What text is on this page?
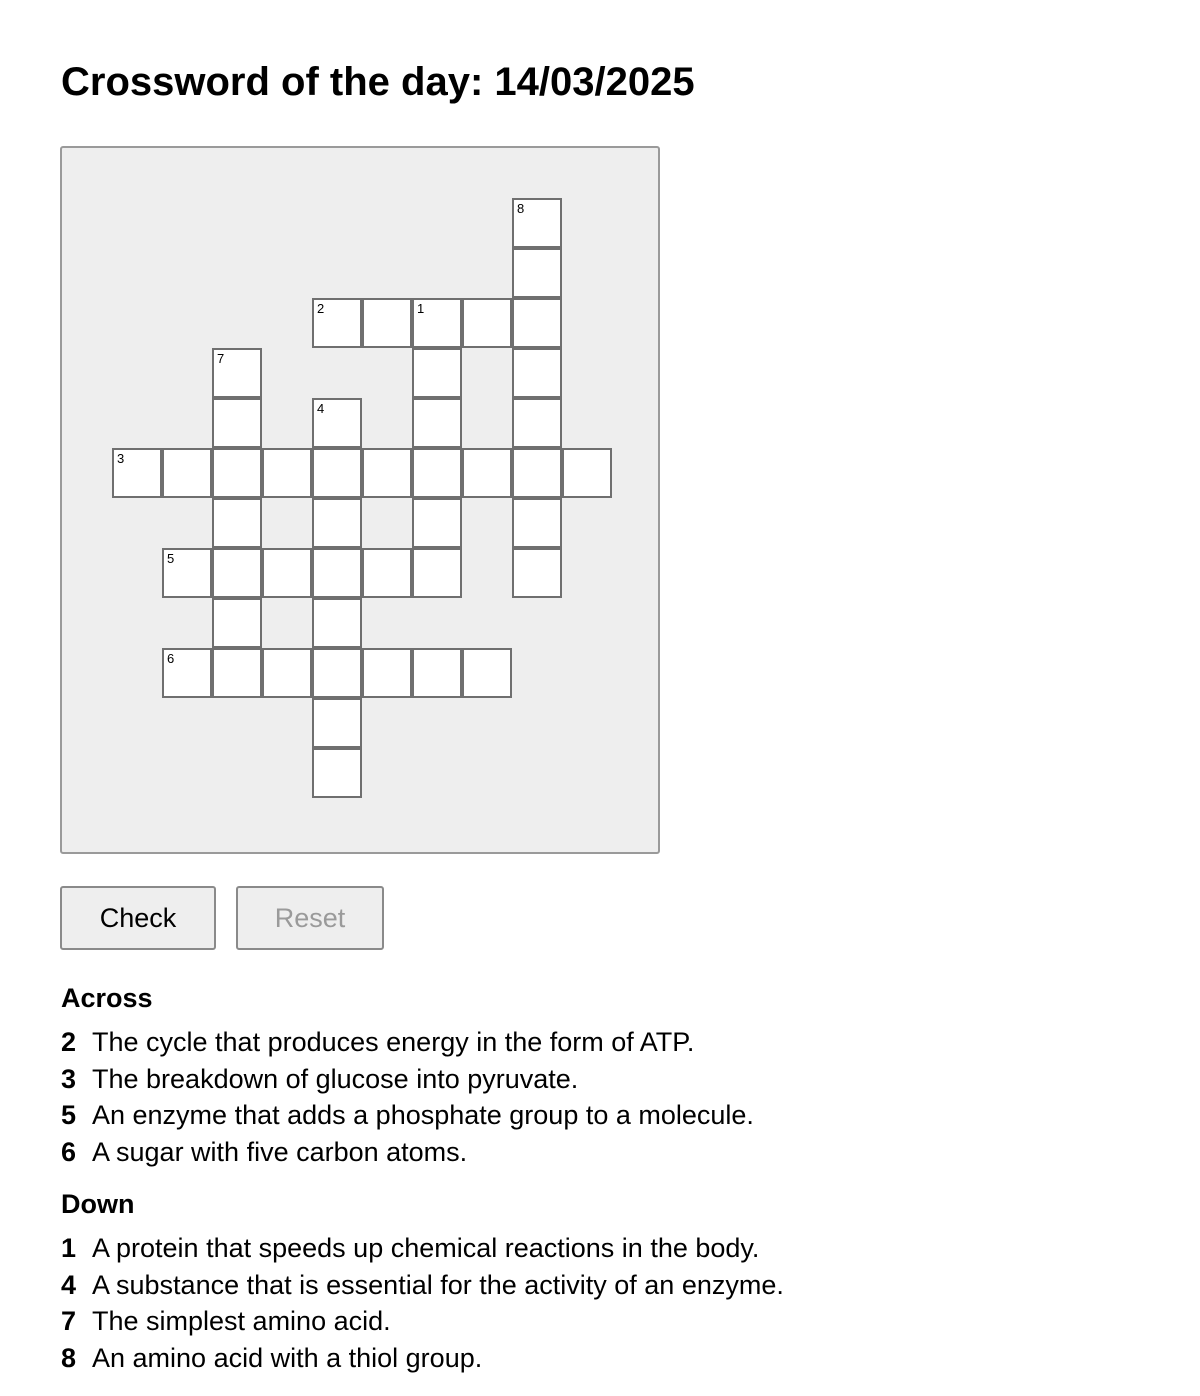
Crossword of the day: 14/03/2025
8
2	1
7
4
3
5
6
Check	Reset
Across
2 The cycle that produces energy in the form of ATP.
3 The breakdown of glucose into pyruvate.
5 An enzyme that adds a phosphate group to a molecule.
6 A sugar with five carbon atoms.
Down
1 A protein that speeds up chemical reactions in the body.
4 A substance that is essential for the activity of an enzyme.
7 The simplest amino acid.
8 An amino acid with a thiol group.
